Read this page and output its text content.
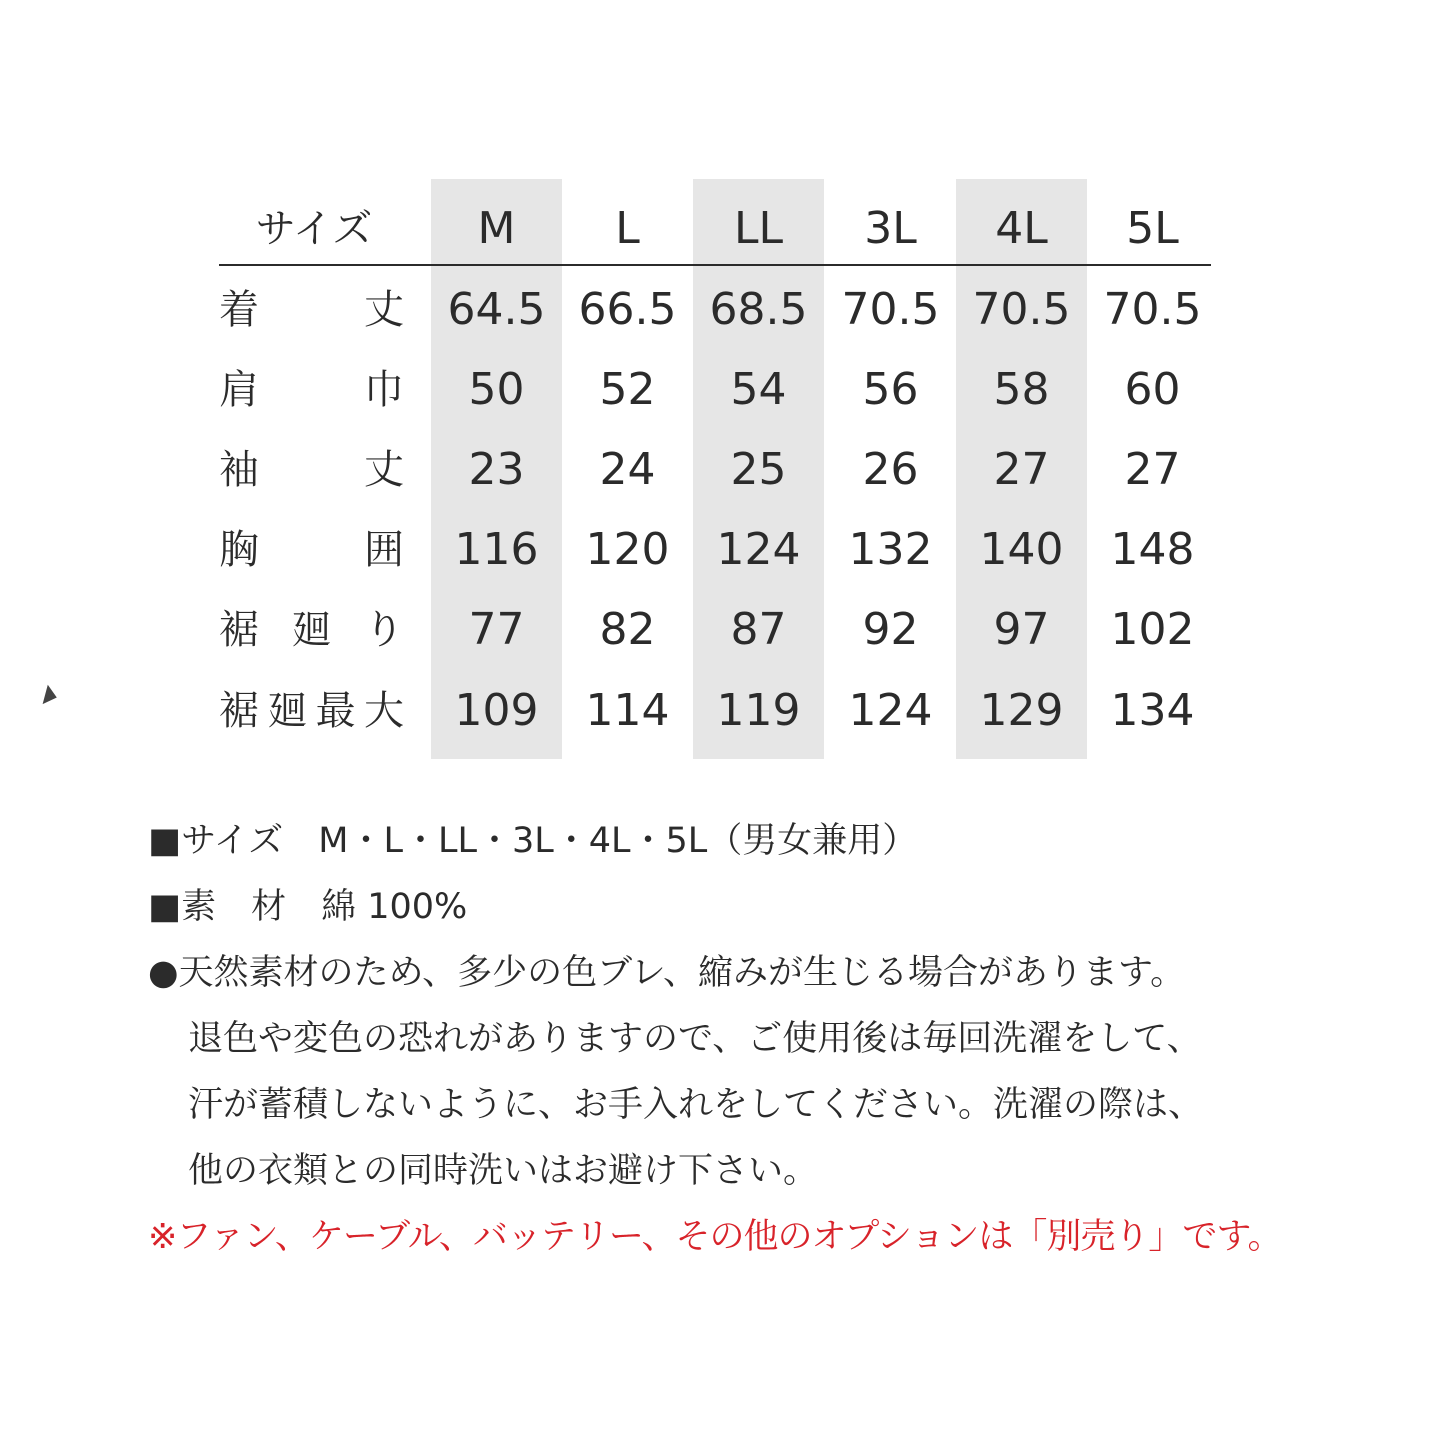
サイズ	M	L	LL	3L	4L	5L
着	丈 64.5 66.5 68.5 70.5 70.5 70.5
肩	巾	50	52	54	56	58	60
袖	丈	23	24	25	26	27	27
胸	囲	116	120	124	132	140	148
裾 廻 り	77	82	87	92	97	102
裾 廻 最 大	109	114	119	124	129	134
■サイズ　M・L・LL・3L・4L・5L（男女兼用）
■素　材　綿 100%
●天然素材のため、多少の色ブレ、縮みが生じる場合があります。
退色や変色の恐れがありますので、ご使用後は毎回洗濯をして、
汗が蓄積しないように、お手入れをしてください。洗濯の際は、
他の衣類との同時洗いはお避け下さい。
※ファン、ケーブル、バッテリー、その他のオプションは「別売り」です。
